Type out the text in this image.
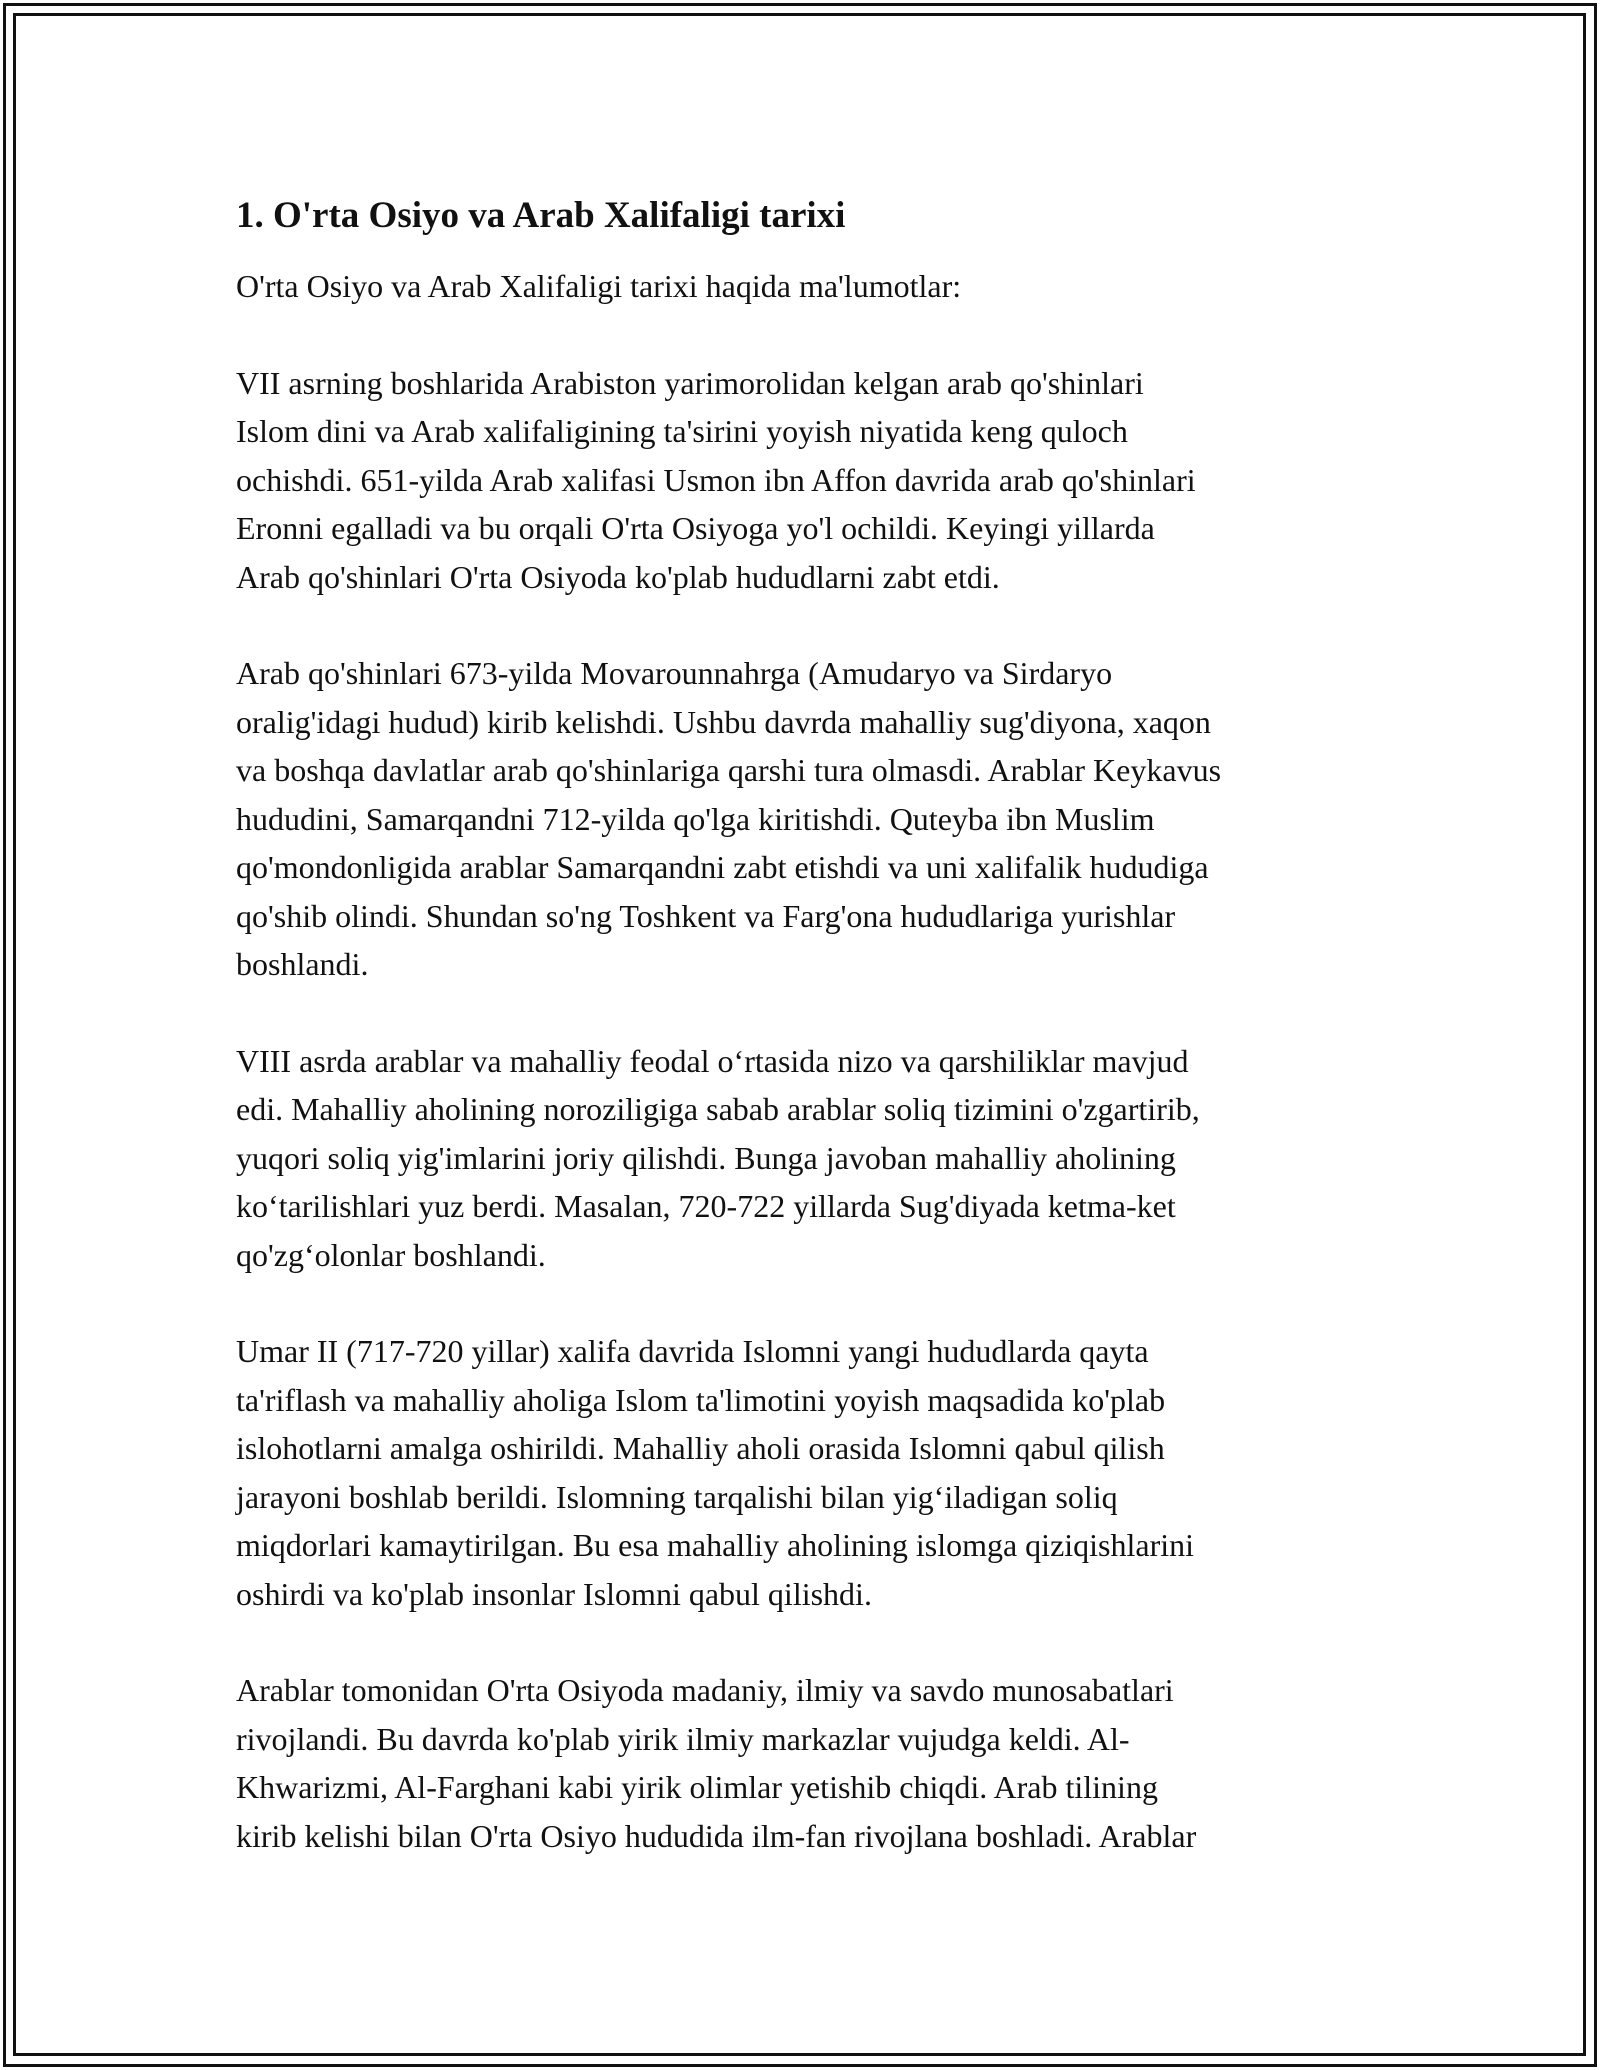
1. O'rta Osiyo va Arab Xalifaligi tarixi

O'rta Osiyo va Arab Xalifaligi tarixi haqida ma'lumotlar:

VII asrning boshlarida Arabiston yarimorolidan kelgan arab qo'shinlari
Islom dini va Arab xalifaligining ta'sirini yoyish niyatida keng quloch
ochishdi. 651-yilda Arab xalifasi Usmon ibn Affon davrida arab qo'shinlari
Eronni egalladi va bu orqali O'rta Osiyoga yo'l ochildi. Keyingi yillarda
Arab qo'shinlari O'rta Osiyoda ko'plab hududlarni zabt etdi.

Arab qo'shinlari 673-yilda Movarounnahrga (Amudaryo va Sirdaryo
oralig'idagi hudud) kirib kelishdi. Ushbu davrda mahalliy sug'diyona, xaqon
va boshqa davlatlar arab qo'shinlariga qarshi tura olmasdi. Arablar Keykavus
hududini, Samarqandni 712-yilda qo'lga kiritishdi. Quteyba ibn Muslim
qo'mondonligida arablar Samarqandni zabt etishdi va uni xalifalik hududiga
qo'shib olindi. Shundan so'ng Toshkent va Farg'ona hududlariga yurishlar
boshlandi.

VIII asrda arablar va mahalliy feodal o‘rtasida nizo va qarshiliklar mavjud
edi. Mahalliy aholining noroziligiga sabab arablar soliq tizimini o'zgartirib,
yuqori soliq yig'imlarini joriy qilishdi. Bunga javoban mahalliy aholining
ko‘tarilishlari yuz berdi. Masalan, 720-722 yillarda Sug'diyada ketma-ket
qo'zg‘olonlar boshlandi.

Umar II (717-720 yillar) xalifa davrida Islomni yangi hududlarda qayta
ta'riflash va mahalliy aholiga Islom ta'limotini yoyish maqsadida ko'plab
islohotlarni amalga oshirildi. Mahalliy aholi orasida Islomni qabul qilish
jarayoni boshlab berildi. Islomning tarqalishi bilan yig‘iladigan soliq
miqdorlari kamaytirilgan. Bu esa mahalliy aholining islomga qiziqishlarini
oshirdi va ko'plab insonlar Islomni qabul qilishdi.

Arablar tomonidan O'rta Osiyoda madaniy, ilmiy va savdo munosabatlari
rivojlandi. Bu davrda ko'plab yirik ilmiy markazlar vujudga keldi. Al-
Khwarizmi, Al-Farghani kabi yirik olimlar yetishib chiqdi. Arab tilining
kirib kelishi bilan O'rta Osiyo hududida ilm-fan rivojlana boshladi. Arablar
